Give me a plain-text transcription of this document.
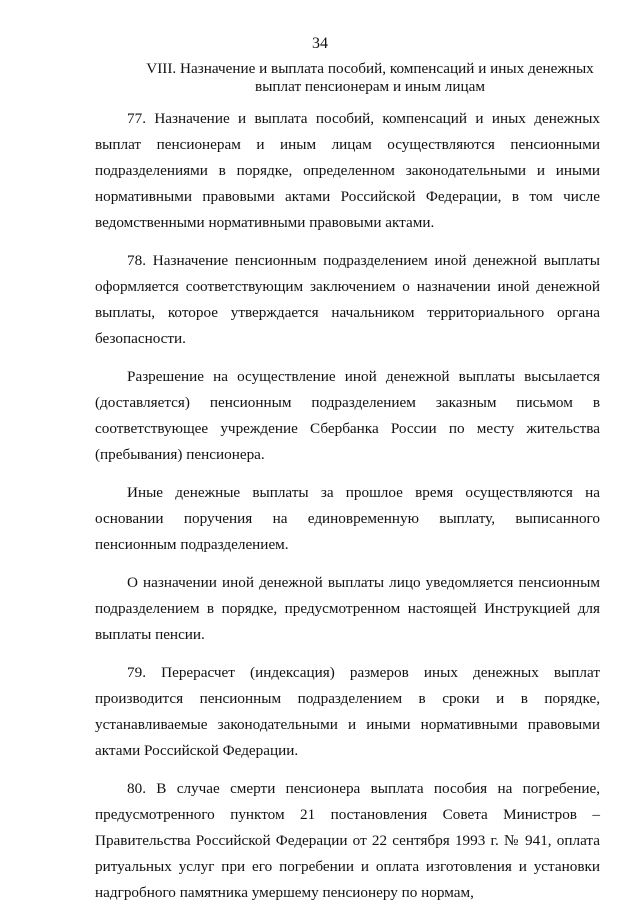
34
VIII. Назначение и выплата пособий, компенсаций и иных денежных выплат пенсионерам и иным лицам

77. Назначение и выплата пособий, компенсаций и иных денежных выплат пенсионерам и иным лицам осуществляются пенсионными подразделениями в порядке, определенном законодательными и иными нормативными правовыми актами Российской Федерации, в том числе ведомственными нормативными правовыми актами.

78. Назначение пенсионным подразделением иной денежной выплаты оформляется соответствующим заключением о назначении иной денежной выплаты, которое утверждается начальником территориального органа безопасности.

Разрешение на осуществление иной денежной выплаты высылается (доставляется) пенсионным подразделением заказным письмом в соответствующее учреждение Сбербанка России по месту жительства (пребывания) пенсионера.

Иные денежные выплаты за прошлое время осуществляются на основании поручения на единовременную выплату, выписанного пенсионным подразделением.

О назначении иной денежной выплаты лицо уведомляется пенсионным подразделением в порядке, предусмотренном настоящей Инструкцией для выплаты пенсии.

79. Перерасчет (индексация) размеров иных денежных выплат производится пенсионным подразделением в сроки и в порядке, устанавливаемые законодательными и иными нормативными правовыми актами Российской Федерации.

80. В случае смерти пенсионера выплата пособия на погребение, предусмотренного пунктом 21 постановления Совета Министров – Правительства Российской Федерации от 22 сентября 1993 г. № 941, оплата ритуальных услуг при его погребении и оплата изготовления и установки надгробного памятника умершему пенсионеру по нормам,
